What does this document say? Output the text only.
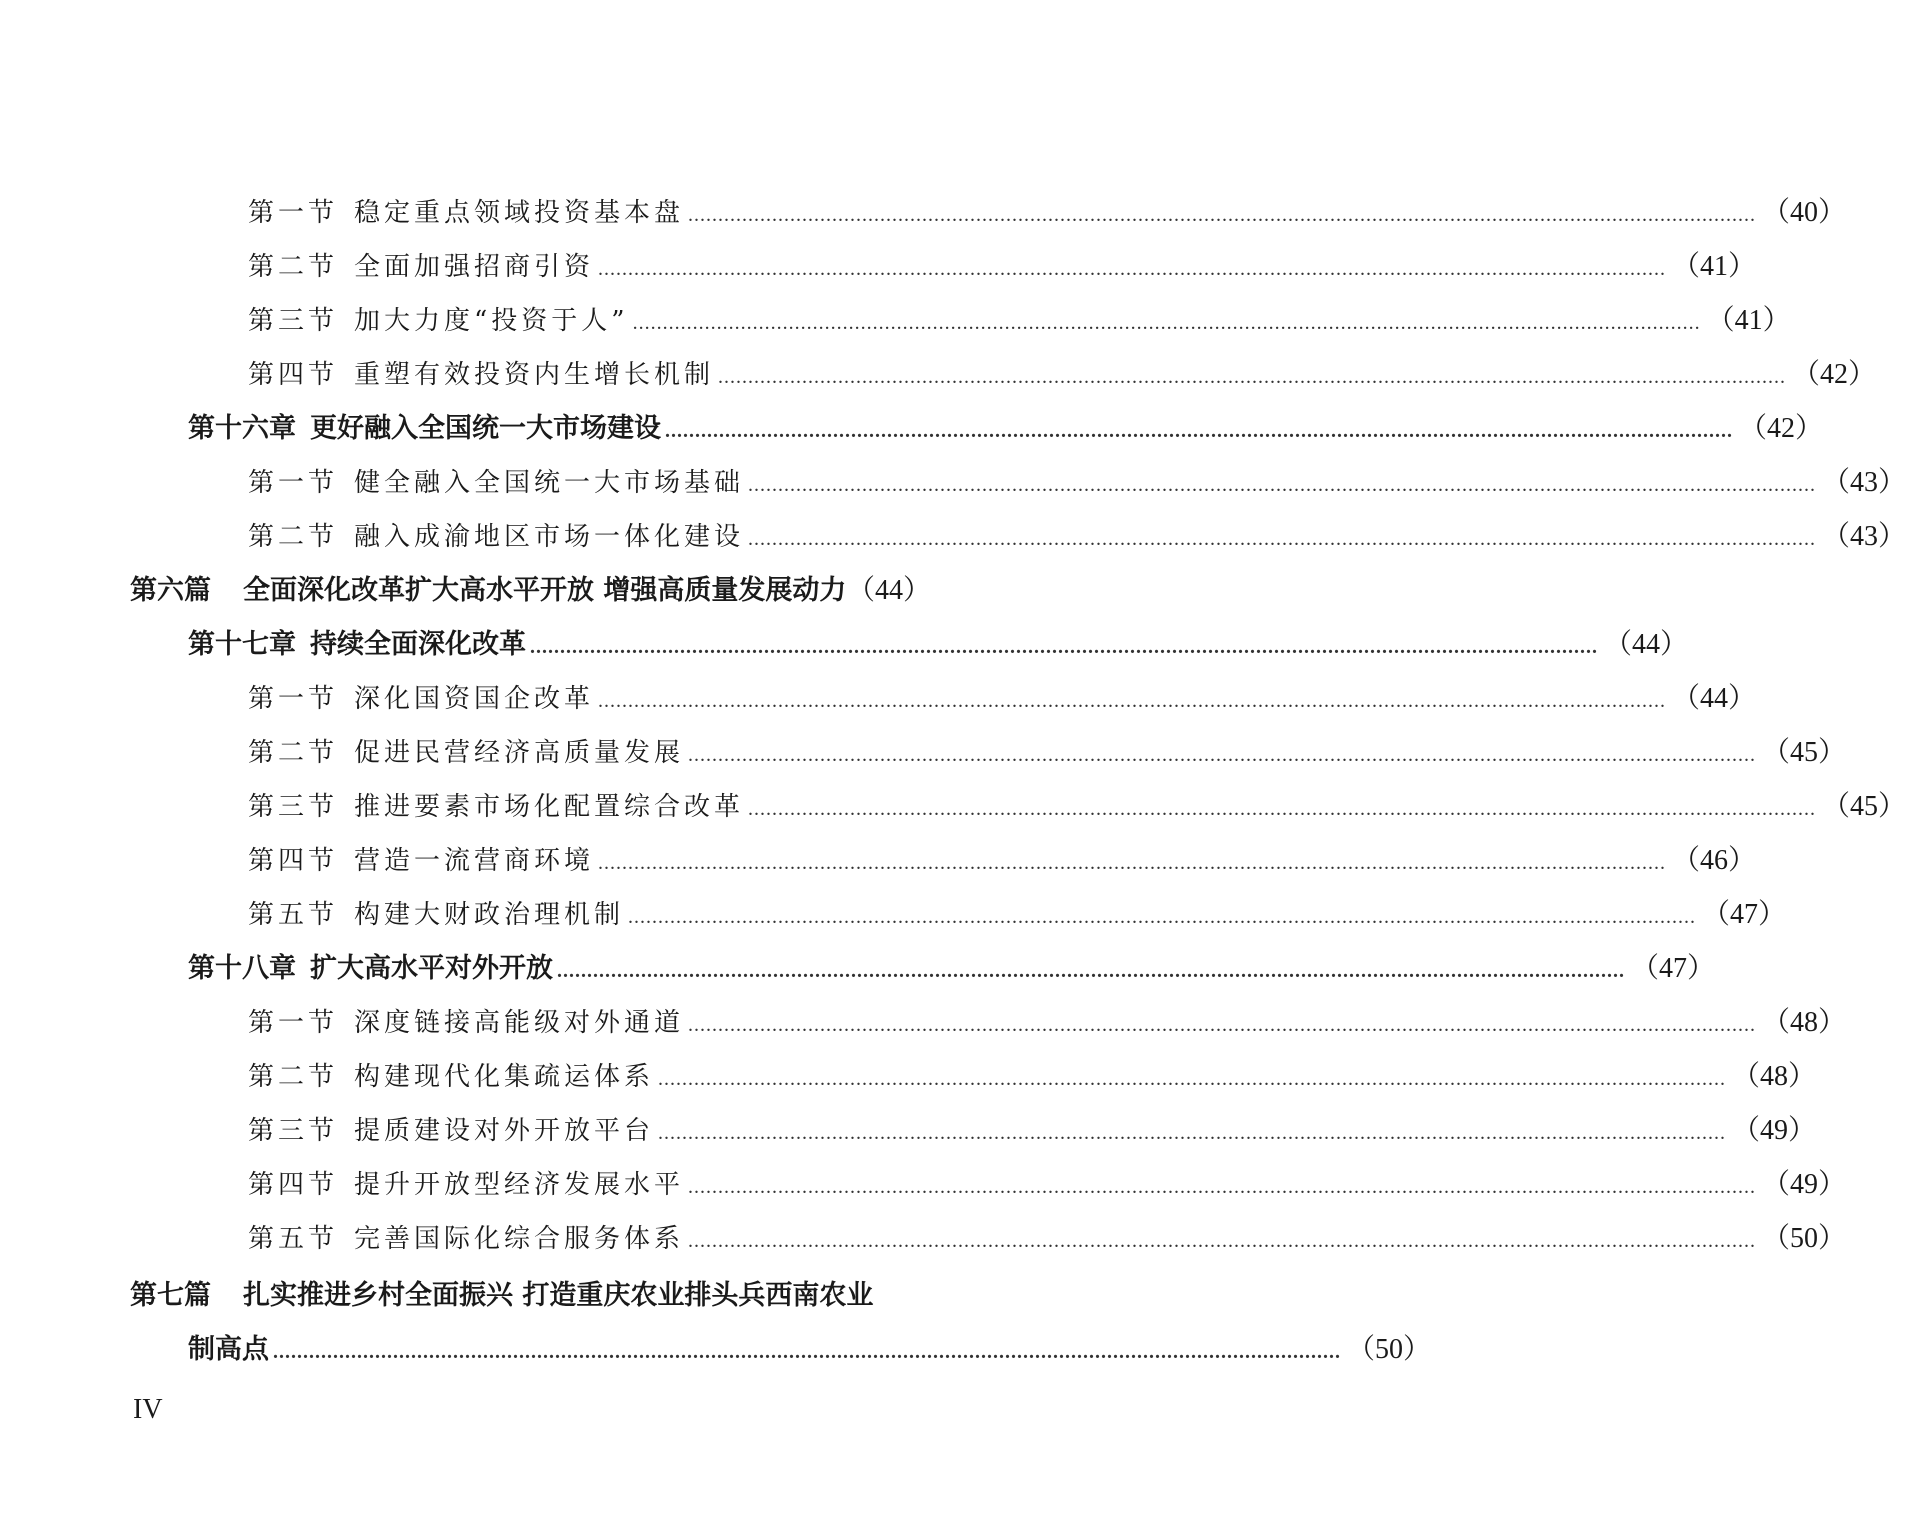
第一节 稳定重点领域投资基本盘 .................................................................................................................................................................................. （40）
第二节 全面加强招商引资 .................................................................................................................................................................................. （41）
第三节 加大力度“投资于人” .................................................................................................................................................................................. （41）
第四节 重塑有效投资内生增长机制 .................................................................................................................................................................................. （42）
第十六章 更好融入全国统一大市场建设 .................................................................................................................................................................................. （42）
第一节 健全融入全国统一大市场基础 .................................................................................................................................................................................. （43）
第二节 融入成渝地区市场一体化建设 .................................................................................................................................................................................. （43）
第六篇 全面深化改革扩大高水平开放 增强高质量发展动力 （44）
第十七章 持续全面深化改革 .................................................................................................................................................................................. （44）
第一节 深化国资国企改革 .................................................................................................................................................................................. （44）
第二节 促进民营经济高质量发展 .................................................................................................................................................................................. （45）
第三节 推进要素市场化配置综合改革 .................................................................................................................................................................................. （45）
第四节 营造一流营商环境 .................................................................................................................................................................................. （46）
第五节 构建大财政治理机制 .................................................................................................................................................................................. （47）
第十八章 扩大高水平对外开放 .................................................................................................................................................................................. （47）
第一节 深度链接高能级对外通道 .................................................................................................................................................................................. （48）
第二节 构建现代化集疏运体系 .................................................................................................................................................................................. （48）
第三节 提质建设对外开放平台 .................................................................................................................................................................................. （49）
第四节 提升开放型经济发展水平 .................................................................................................................................................................................. （49）
第五节 完善国际化综合服务体系 .................................................................................................................................................................................. （50）
第七篇 扎实推进乡村全面振兴 打造重庆农业排头兵西南农业
制高点 .................................................................................................................................................................................. （50）
IV
